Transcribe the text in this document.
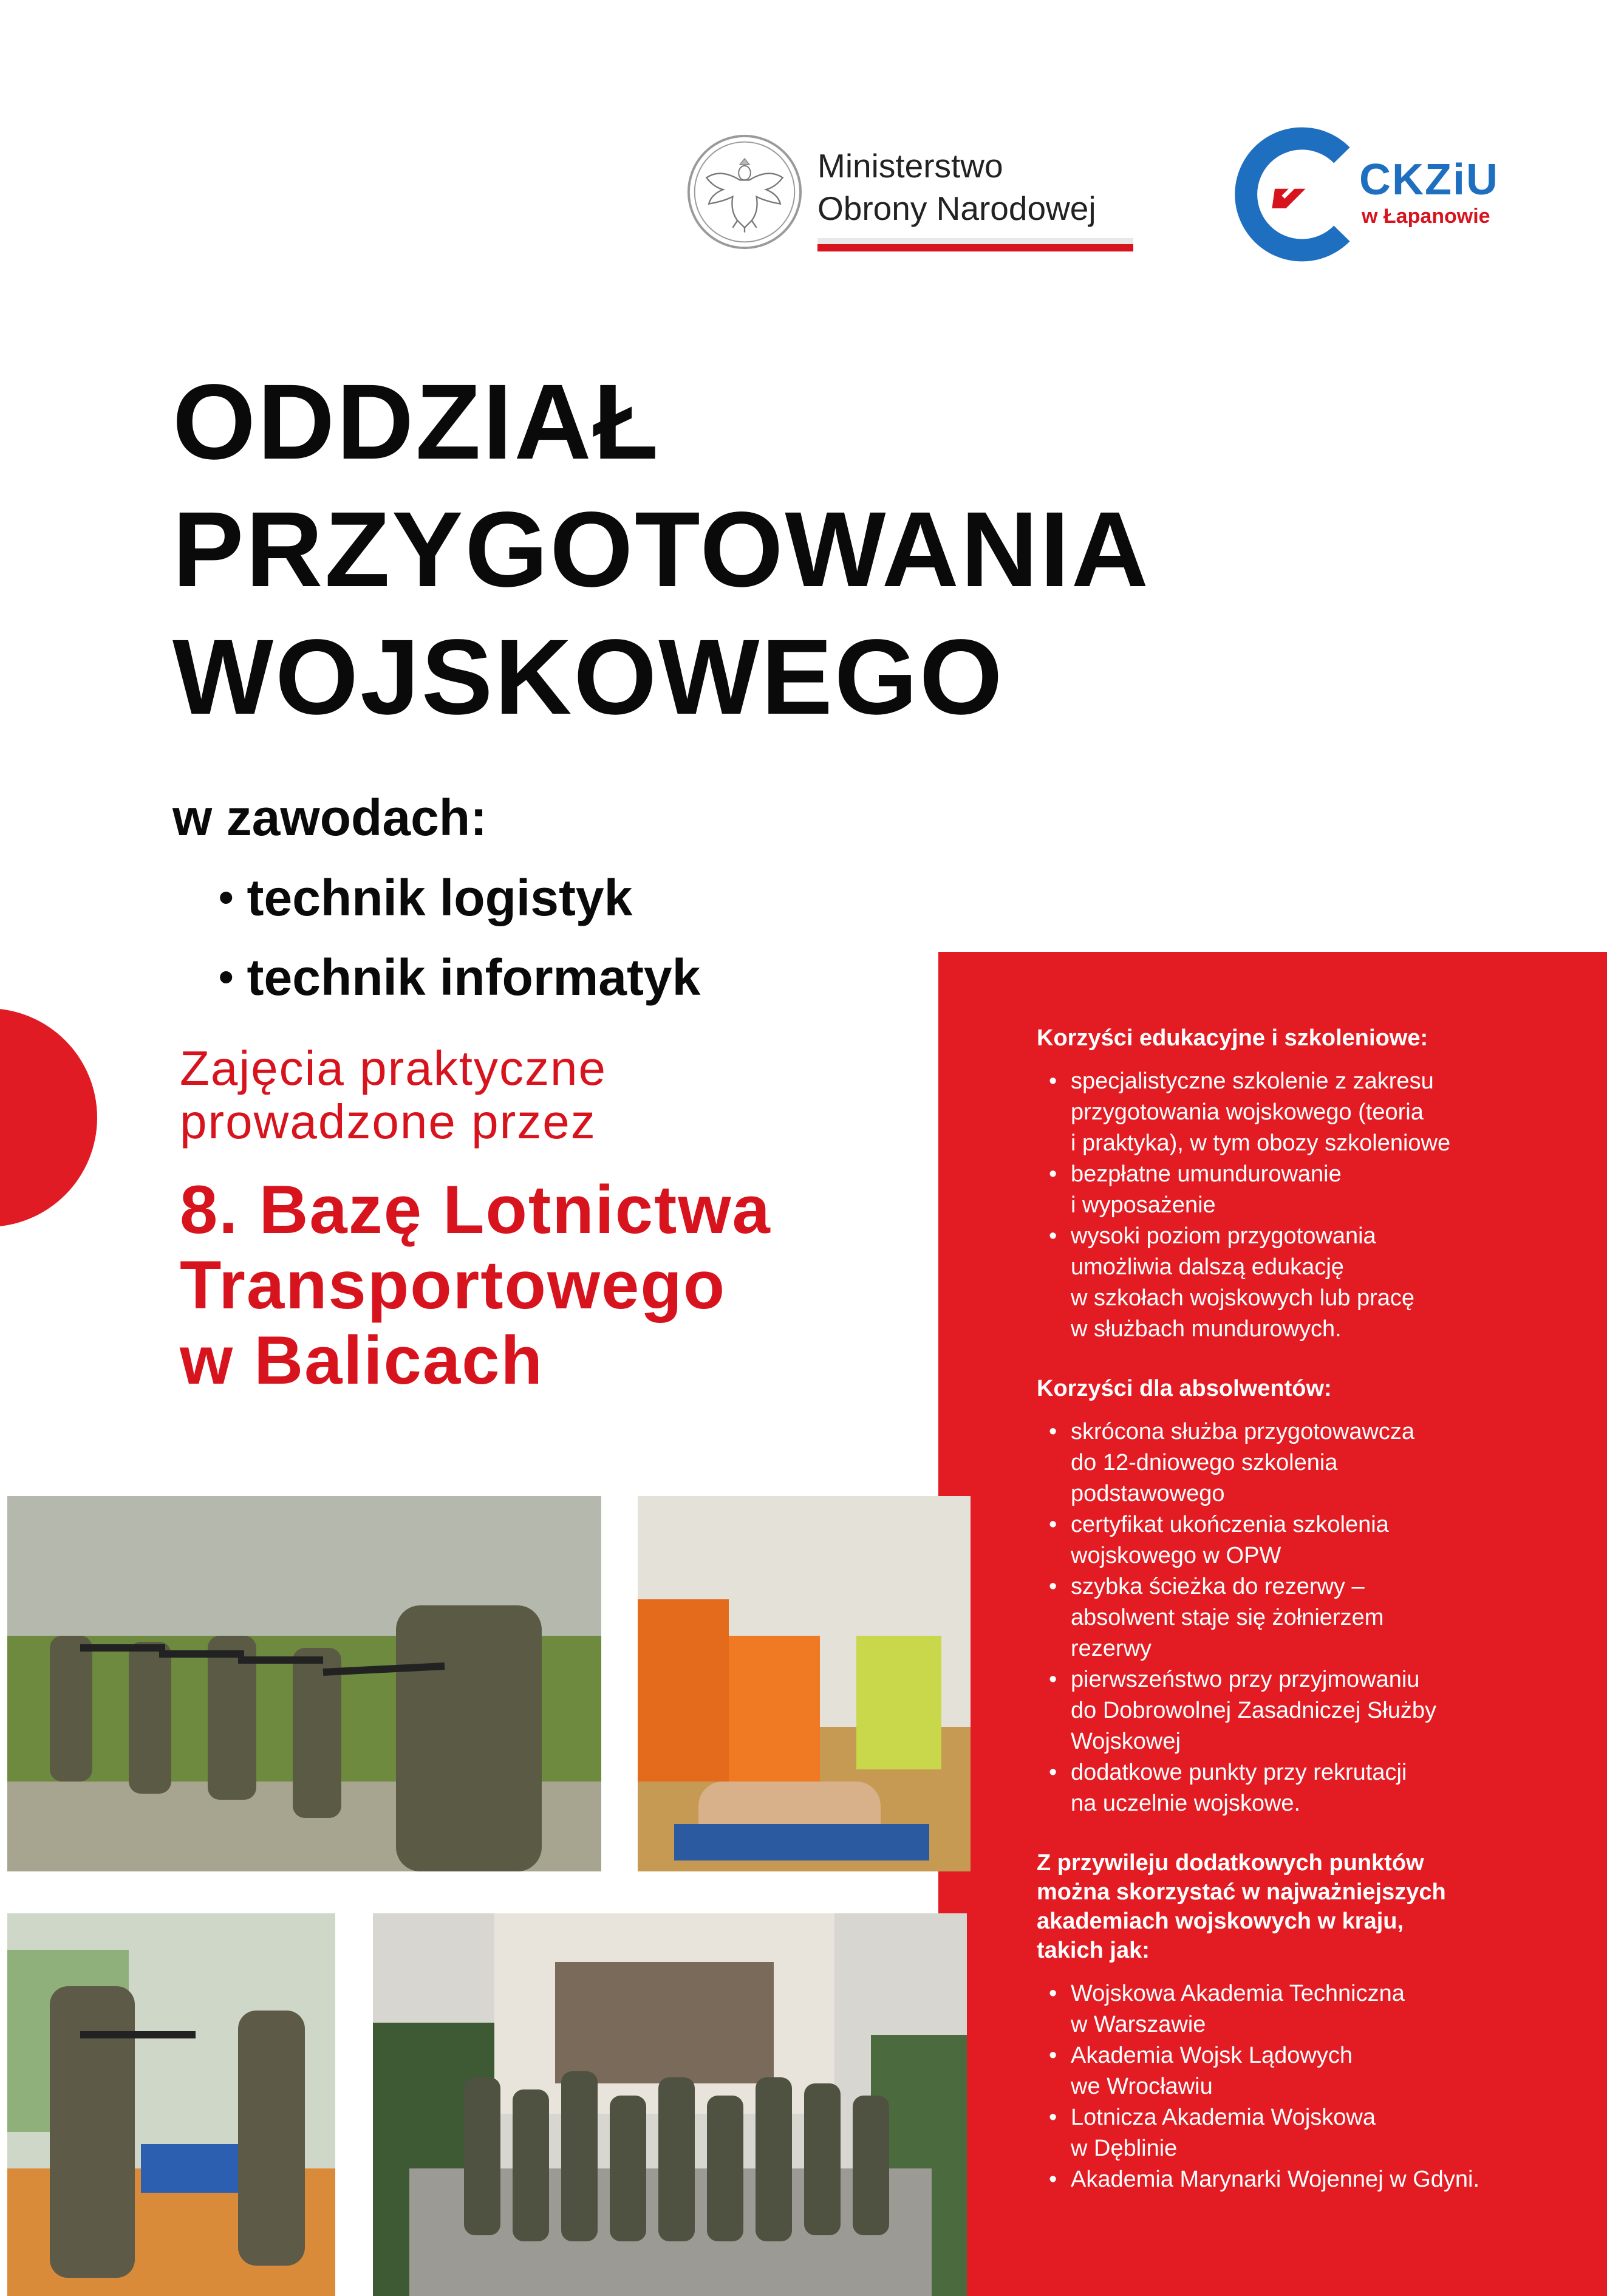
Ministerstwo
Obrony Narodowej
CKZiU
w Łapanowie
ODDZIAŁ
PRZYGOTOWANIA
WOJSKOWEGO
w zawodach:
• technik logistyk
• technik informatyk
Zajęcia praktyczne
prowadzone przez
8. Bazę Lotnictwa
Transportowego
w Balicach
Korzyści edukacyjne i szkoleniowe:
• specjalistyczne szkolenie z zakresu
przygotowania wojskowego (teoria
i praktyka), w tym obozy szkoleniowe
• bezpłatne umundurowanie
i wyposażenie
• wysoki poziom przygotowania
umożliwia dalszą edukację
w szkołach wojskowych lub pracę
w służbach mundurowych.
Korzyści dla absolwentów:
• skrócona służba przygotowawcza
do 12-dniowego szkolenia
podstawowego
• certyfikat ukończenia szkolenia
wojskowego w OPW
• szybka ścieżka do rezerwy –
absolwent staje się żołnierzem
rezerwy
• pierwszeństwo przy przyjmowaniu
do Dobrowolnej Zasadniczej Służby
Wojskowej
• dodatkowe punkty przy rekrutacji
na uczelnie wojskowe.
Z przywileju dodatkowych punktów
można skorzystać w najważniejszych
akademiach wojskowych w kraju,
takich jak:
• Wojskowa Akademia Techniczna
w Warszawie
• Akademia Wojsk Lądowych
we Wrocławiu
• Lotnicza Akademia Wojskowa
w Dęblinie
• Akademia Marynarki Wojennej w Gdyni.
